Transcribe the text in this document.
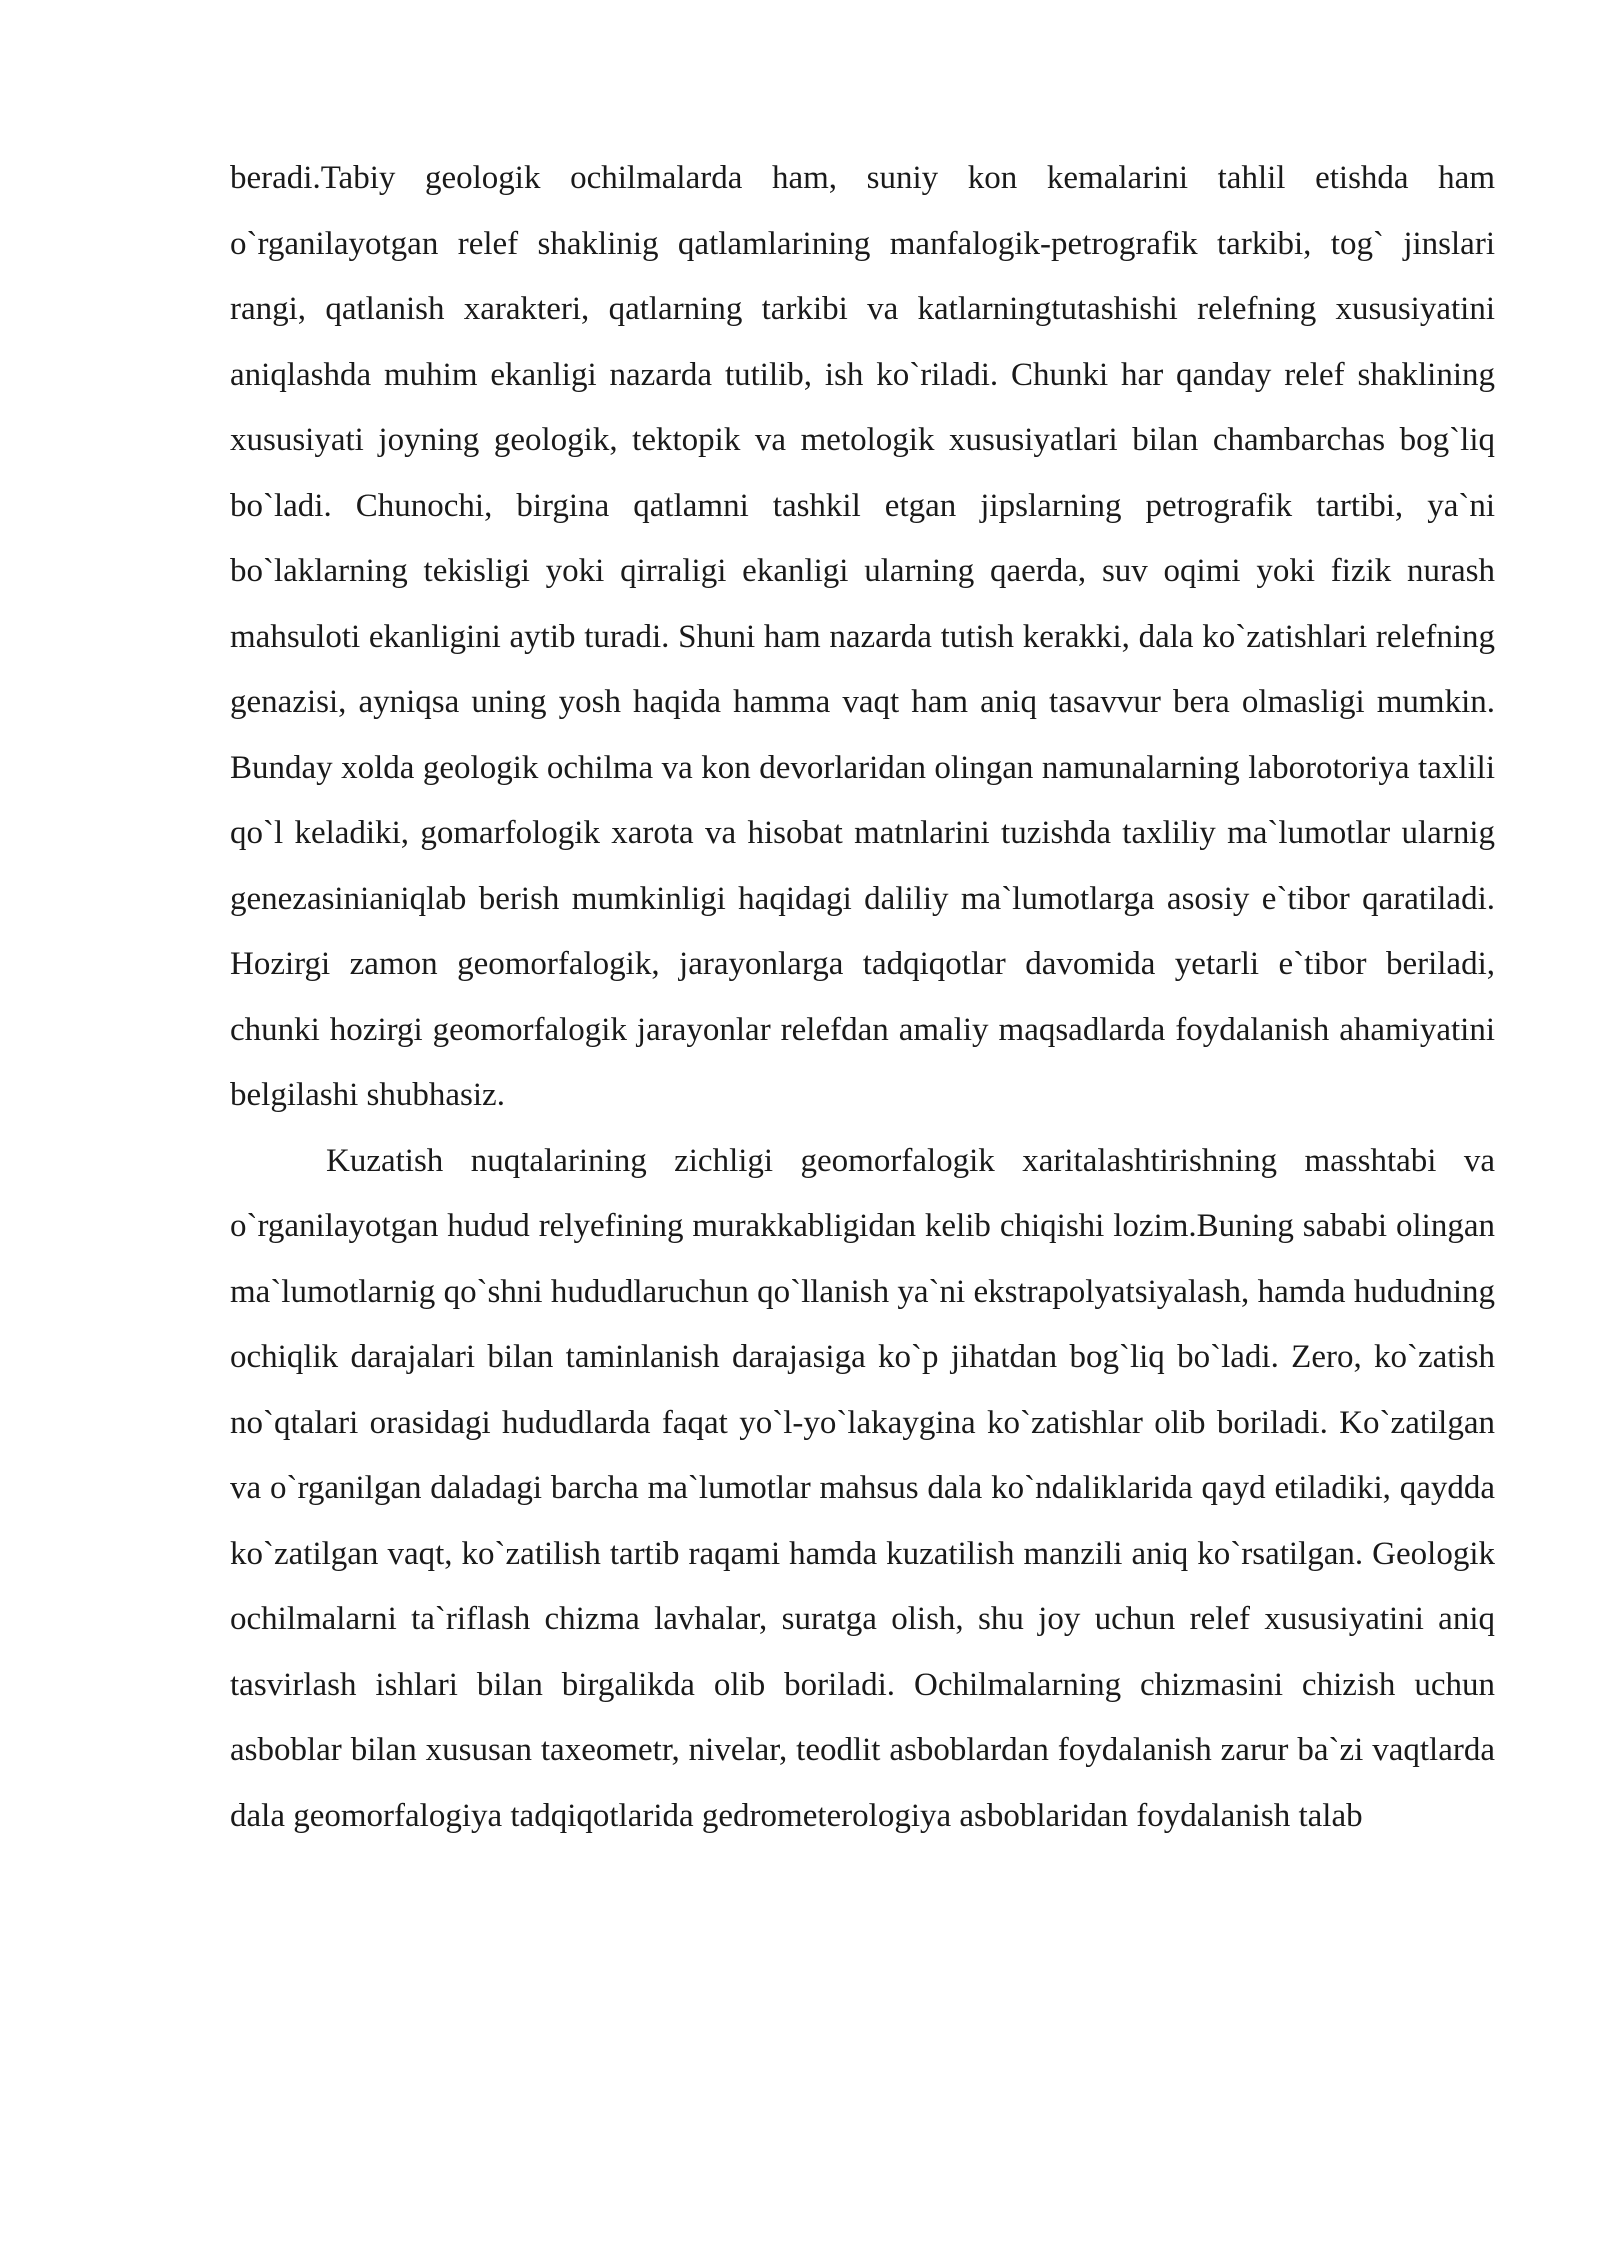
beradi.Tabiy geologik ochilmalarda ham, suniy kon kemalarini tahlil etishda ham o`rganilayotgan relef shaklinig qatlamlarining manfalogik-petrografik tarkibi, tog` jinslari rangi, qatlanish xarakteri, qatlarning tarkibi va katlarningtutashishi relefning xususiyatini aniqlashda muhim ekanligi nazarda tutilib, ish ko`riladi. Chunki har qanday relef shaklining xususiyati joyning geologik, tektopik va metologik xususiyatlari bilan chambarchas bog`liq bo`ladi. Chunochi, birgina qatlamni tashkil etgan jipslarning petrografik tartibi, ya`ni bo`laklarning tekisligi yoki qirraligi ekanligi ularning qaerda, suv oqimi yoki fizik nurash mahsuloti ekanligini aytib turadi. Shuni ham nazarda tutish kerakki, dala ko`zatishlari relefning genazisi, ayniqsa uning yosh haqida hamma vaqt ham aniq tasavvur bera olmasligi mumkin. Bunday xolda geologik ochilma va kon devorlaridan olingan namunalarning laborotoriya taxlili qo`l keladiki, gomarfologik xarota va hisobat matnlarini tuzishda taxliliy ma`lumotlar ularnig genezasinianiqlab berish mumkinligi haqidagi daliliy ma`lumotlarga asosiy e`tibor qaratiladi. Hozirgi zamon geomorfalogik, jarayonlarga tadqiqotlar davomida yetarli e`tibor beriladi, chunki hozirgi geomorfalogik jarayonlar relefdan amaliy maqsadlarda foydalanish ahamiyatini belgilashi shubhasiz.

Kuzatish nuqtalarining zichligi geomorfalogik xaritalashtirishning masshtabi va o`rganilayotgan hudud relyefining murakkabligidan kelib chiqishi lozim.Buning sababi olingan ma`lumotlarnig qo`shni hududlaruchun qo`llanish ya`ni ekstrapolyatsiyalash, hamda hududning ochiqlik darajalari bilan taminlanish darajasiga ko`p jihatdan bog`liq bo`ladi. Zero, ko`zatish no`qtalari orasidagi hududlarda faqat yo`l-yo`lakaygina ko`zatishlar olib boriladi. Ko`zatilgan va o`rganilgan daladagi barcha ma`lumotlar mahsus dala ko`ndaliklarida qayd etiladiki, qaydda ko`zatilgan vaqt, ko`zatilish tartib raqami hamda kuzatilish manzili aniq ko`rsatilgan. Geologik ochilmalarni ta`riflash chizma lavhalar, suratga olish, shu joy uchun relef xususiyatini aniq tasvirlash ishlari bilan birgalikda olib boriladi. Ochilmalarning chizmasini chizish uchun asboblar bilan xususan taxeometr, nivelar, teodlit asboblardan foydalanish zarur ba`zi vaqtlarda dala geomorfalogiya tadqiqotlarida gedrometerologiya asboblaridan foydalanish talab
